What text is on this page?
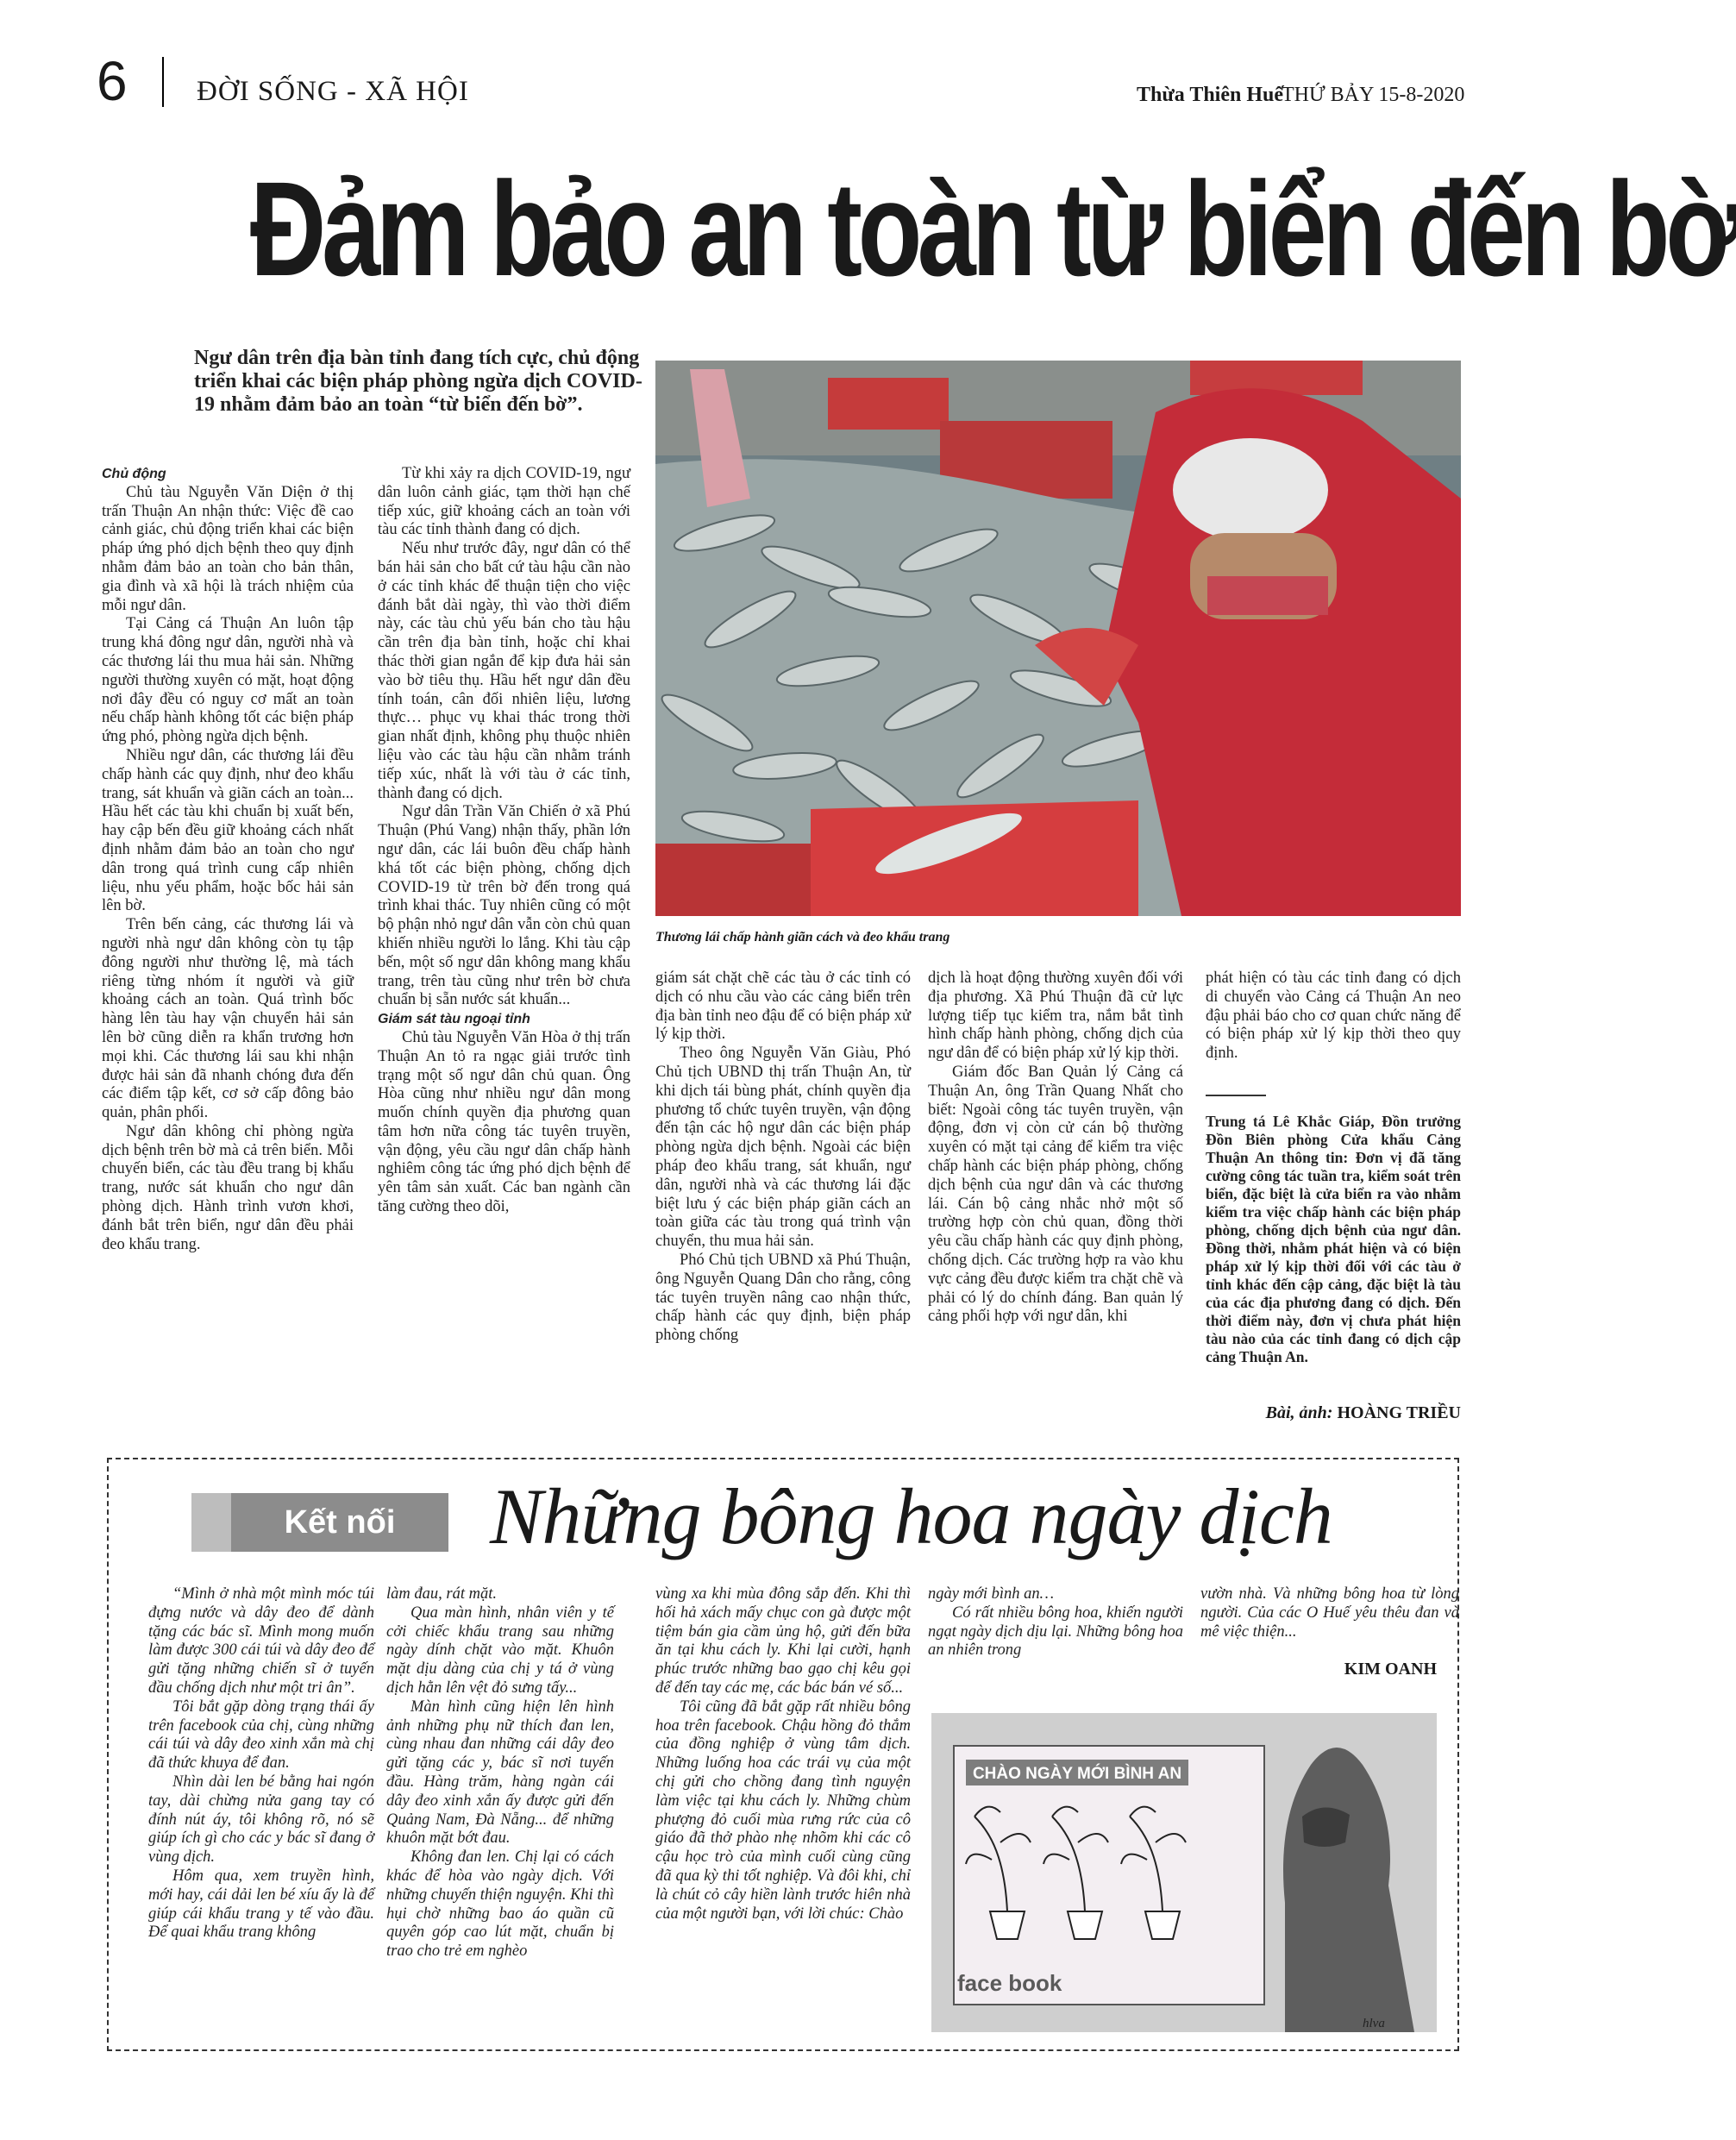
6 ĐỜI SỐNG - XÃ HỘI	Thừa Thiên Huế
THỨ BẢY 15-8-2020
Đảm bảo an toàn từ biển đến bờ
Ngư dân trên địa bàn tỉnh đang tích cực, chủ động triển khai các biện pháp phòng ngừa dịch COVID-19 nhằm đảm bảo an toàn “từ biển đến bờ”.
Thương lái chấp hành giãn cách và đeo khẩu trang
Chủ động

Chủ tàu Nguyễn Văn Diện ở thị trấn Thuận An nhận thức: Việc đề cao cảnh giác, chủ động triển khai các biện pháp ứng phó dịch bệnh theo quy định nhằm đảm bảo an toàn cho bản thân, gia đình và xã hội là trách nhiệm của mỗi ngư dân.

Tại Cảng cá Thuận An luôn tập trung khá đông ngư dân, người nhà và các thương lái thu mua hải sản. Những người thường xuyên có mặt, hoạt động nơi đây đều có nguy cơ mất an toàn nếu chấp hành không tốt các biện pháp ứng phó, phòng ngừa dịch bệnh.

Nhiều ngư dân, các thương lái đều chấp hành các quy định, như đeo khẩu trang, sát khuẩn và giãn cách an toàn... Hầu hết các tàu khi chuẩn bị xuất bến, hay cập bến đều giữ khoảng cách nhất định nhằm đảm bảo an toàn cho ngư dân trong quá trình cung cấp nhiên liệu, nhu yếu phẩm, hoặc bốc hải sản lên bờ.

Trên bến cảng, các thương lái và người nhà ngư dân không còn tụ tập đông người như thường lệ, mà tách riêng từng nhóm ít người và giữ khoảng cách an toàn. Quá trình bốc hàng lên tàu hay vận chuyển hải sản lên bờ cũng diễn ra khẩn trương hơn mọi khi. Các thương lái sau khi nhận được hải sản đã nhanh chóng đưa đến các điểm tập kết, cơ sở cấp đông bảo quản, phân phối.

Ngư dân không chỉ phòng ngừa dịch bệnh trên bờ mà cả trên biển. Mỗi chuyến biển, các tàu đều trang bị khẩu trang, nước sát khuẩn cho ngư dân phòng dịch. Hành trình vươn khơi, đánh bắt trên biển, ngư dân đều phải đeo khẩu trang.

Từ khi xảy ra dịch COVID-19, ngư dân luôn cảnh giác, tạm thời hạn chế tiếp xúc, giữ khoảng cách an toàn với tàu các tỉnh thành đang có dịch.

Nếu như trước đây, ngư dân có thể bán hải sản cho bất cứ tàu hậu cần nào ở các tỉnh khác để thuận tiện cho việc đánh bắt dài ngày, thì vào thời điểm này, các tàu chủ yếu bán cho tàu hậu cần trên địa bàn tỉnh, hoặc chỉ khai thác thời gian ngắn để kịp đưa hải sản vào bờ tiêu thụ. Hầu hết ngư dân đều tính toán, cân đối nhiên liệu, lương thực… phục vụ khai thác trong thời gian nhất định, không phụ thuộc nhiên liệu vào các tàu hậu cần nhằm tránh tiếp xúc, nhất là với tàu ở các tỉnh, thành đang có dịch.

Ngư dân Trần Văn Chiến ở xã Phú Thuận (Phú Vang) nhận thấy, phần lớn ngư dân, các lái buôn đều chấp hành khá tốt các biện phòng, chống dịch COVID-19 từ trên bờ đến trong quá trình khai thác. Tuy nhiên cũng có một bộ phận nhỏ ngư dân vẫn còn chủ quan khiến nhiều người lo lắng. Khi tàu cập bến, một số ngư dân không mang khẩu trang, trên tàu cũng như trên bờ chưa chuẩn bị sẵn nước sát khuẩn...

Giám sát tàu ngoại tỉnh

Chủ tàu Nguyễn Văn Hòa ở thị trấn Thuận An tỏ ra ngạc giải trước tình trạng một số ngư dân chủ quan. Ông Hòa cũng như nhiều ngư dân mong muốn chính quyền địa phương quan tâm hơn nữa công tác tuyên truyền, vận động, yêu cầu ngư dân chấp hành nghiêm công tác ứng phó dịch bệnh để yên tâm sản xuất. Các ban ngành cần tăng cường theo dõi,

giám sát chặt chẽ các tàu ở các tỉnh có dịch có nhu cầu vào các cảng biển trên địa bàn tỉnh neo đậu để có biện pháp xử lý kịp thời.

Theo ông Nguyễn Văn Giàu, Phó Chủ tịch UBND thị trấn Thuận An, từ khi dịch tái bùng phát, chính quyền địa phương tổ chức tuyên truyền, vận động đến tận các hộ ngư dân các biện pháp phòng ngừa dịch bệnh. Ngoài các biện pháp đeo khẩu trang, sát khuẩn, ngư dân, người nhà và các thương lái đặc biệt lưu ý các biện pháp giãn cách an toàn giữa các tàu trong quá trình vận chuyển, thu mua hải sản.

Phó Chủ tịch UBND xã Phú Thuận, ông Nguyễn Quang Dân cho rằng, công tác tuyên truyền nâng cao nhận thức, chấp hành các quy định, biện pháp phòng chống

dịch là hoạt động thường xuyên đối với địa phương. Xã Phú Thuận đã cử lực lượng tiếp tục kiểm tra, nắm bắt tình hình chấp hành phòng, chống dịch của ngư dân để có biện pháp xử lý kịp thời.

Giám đốc Ban Quản lý Cảng cá Thuận An, ông Trần Quang Nhất cho biết: Ngoài công tác tuyên truyền, vận động, đơn vị còn cử cán bộ thường xuyên có mặt tại cảng để kiểm tra việc chấp hành các biện pháp phòng, chống dịch bệnh của ngư dân và các thương lái. Cán bộ cảng nhắc nhở một số trường hợp còn chủ quan, đồng thời yêu cầu chấp hành các quy định phòng, chống dịch. Các trường hợp ra vào khu vực cảng đều được kiểm tra chặt chẽ và phải có lý do chính đáng. Ban quản lý cảng phối hợp với ngư dân, khi

phát hiện có tàu các tỉnh đang có dịch di chuyển vào Cảng cá Thuận An neo đậu phải báo cho cơ quan chức năng để có biện pháp xử lý kịp thời theo quy định.

Trung tá Lê Khắc Giáp, Đồn trưởng Đồn Biên phòng Cửa khẩu Cảng Thuận An thông tin: Đơn vị đã tăng cường công tác tuần tra, kiểm soát trên biển, đặc biệt là cửa biển ra vào nhằm kiểm tra việc chấp hành các biện pháp phòng, chống dịch bệnh của ngư dân. Đồng thời, nhằm phát hiện và có biện pháp xử lý kịp thời đối với các tàu ở tỉnh khác đến cập cảng, đặc biệt là tàu của các địa phương đang có dịch. Đến thời điểm này, đơn vị chưa phát hiện tàu nào của các tỉnh đang có dịch cập cảng Thuận An.
Bài, ảnh: HOÀNG TRIỀU
Kết nối	Những bông hoa ngày dịch

“Mình ở nhà một mình móc túi đựng nước và dây đeo để dành tặng các bác sĩ. Mình mong muốn làm được 300 cái túi và dây đeo để gửi tặng những chiến sĩ ở tuyến đầu chống dịch như một tri ân”.

Tôi bắt gặp dòng trạng thái ấy trên facebook của chị, cùng những cái túi và dây đeo xinh xắn mà chị đã thức khuya để đan.

Nhìn dài len bé bằng hai ngón tay, dài chừng nửa gang tay có đính nút áy, tôi không rõ, nó sẽ giúp ích gì cho các y bác sĩ đang ở vùng dịch.

Hôm qua, xem truyền hình, mới hay, cái dải len bé xíu ấy là để giúp cái khẩu trang y tế vào đầu. Để quai khẩu trang không

làm đau, rát mặt.

Qua màn hình, nhân viên y tế cởi chiếc khẩu trang sau những ngày dính chặt vào mặt. Khuôn mặt dịu dàng của chị y tá ở vùng dịch hằn lên vệt đỏ sưng tấy...

Màn hình cũng hiện lên hình ảnh những phụ nữ thích đan len, cùng nhau đan những cái dây đeo gửi tặng các y, bác sĩ nơi tuyến đầu. Hàng trăm, hàng ngàn cái dây đeo xinh xắn ấy được gửi đến Quảng Nam, Đà Nẵng... để những khuôn mặt bớt đau.

Không đan len. Chị lại có cách khác để hòa vào ngày dịch. Với những chuyến thiện nguyện. Khi thì hụi chờ những bao áo quần cũ quyên góp cao lút mặt, chuẩn bị trao cho trẻ em nghèo

vùng xa khi mùa đông sắp đến. Khi thì hối hả xách mấy chục con gà được một tiệm bán gia cầm ủng hộ, gửi đến bữa ăn tại khu cách ly. Khi lại cười, hạnh phúc trước những bao gạo chị kêu gọi để đến tay các mẹ, các bác bán vé số...

Tôi cũng đã bắt gặp rất nhiều bông hoa trên facebook. Chậu hồng đỏ thắm của đồng nghiệp ở vùng tâm dịch. Những luống hoa các trái vụ của một chị gửi cho chồng đang tình nguyện làm việc tại khu cách ly. Những chùm phượng đỏ cuối mùa rưng rức của cô giáo đã thở phào nhẹ nhõm khi các cô cậu học trò của mình cuối cùng cũng đã qua kỳ thi tốt nghiệp. Và đôi khi, chỉ là chút cỏ cây hiền lành trước hiên nhà của một người bạn, với lời chúc: Chào

ngày mới bình an…

Có rất nhiều bông hoa, khiến người ngạt ngày dịch dịu lại. Những bông hoa an nhiên trong

vườn nhà. Và những bông hoa từ lòng người. Của các O Huế yêu thêu đan và mê việc thiện...

KIM OANH
CHÀO NGÀY MỚI BÌNH AN
face book
hlva
